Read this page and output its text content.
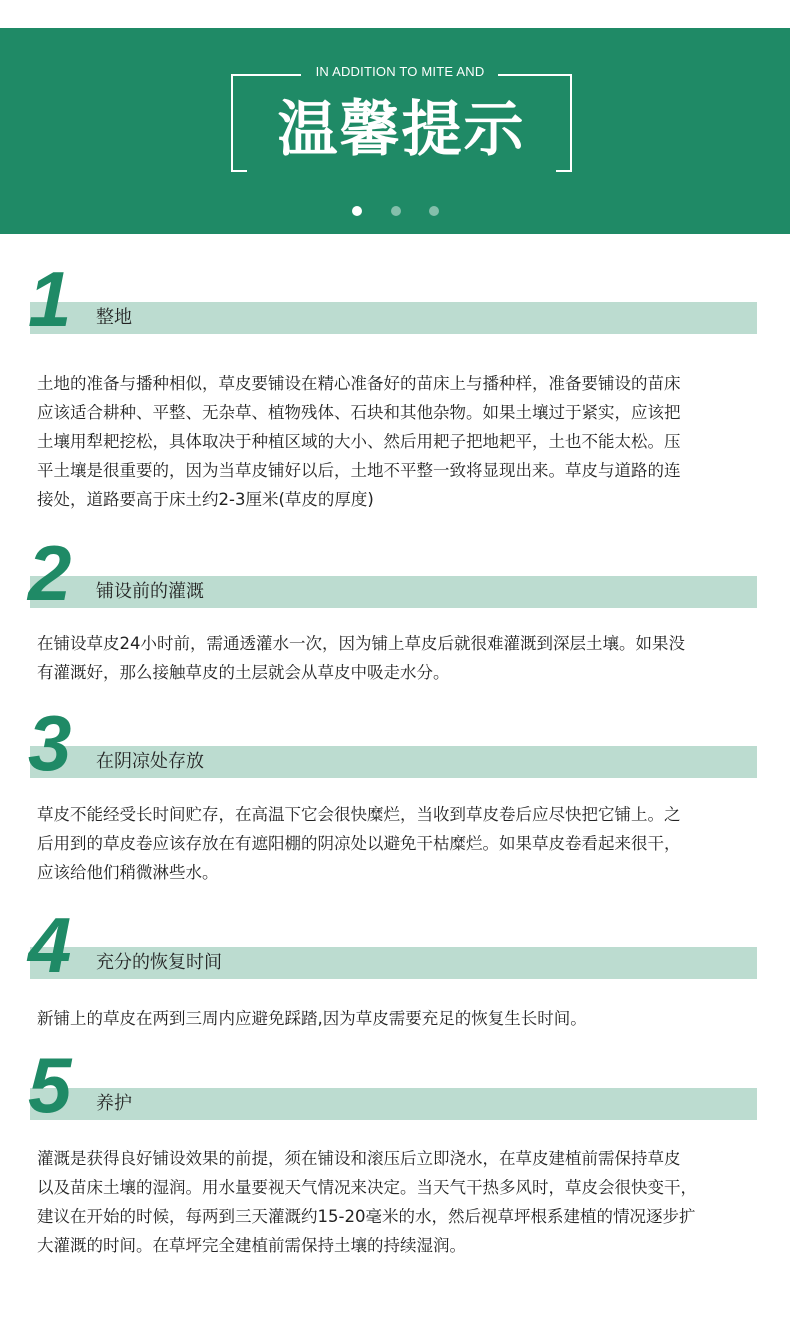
IN ADDITION TO MITE AND
温馨提示
1 整地
土地的准备与播种相似，草皮要铺设在精心准备好的苗床上与播种样，准备要铺设的苗床
应该适合耕种、平整、无杂草、植物残体、石块和其他杂物。如果土壤过于紧实，应该把
土壤用犁耙挖松，具体取决于种植区域的大小、然后用耙子把地耙平，土也不能太松。压
平土壤是很重要的，因为当草皮铺好以后，土地不平整一致将显现出来。草皮与道路的连
接处，道路要高于床土约2-3厘米(草皮的厚度)
2 铺设前的灌溉
在铺设草皮24小时前，需通透灌水一次，因为铺上草皮后就很难灌溉到深层土壤。如果没
有灌溉好，那么接触草皮的土层就会从草皮中吸走水分。
3 在阴凉处存放
草皮不能经受长时间贮存，在高温下它会很快糜烂，当收到草皮卷后应尽快把它铺上。之
后用到的草皮卷应该存放在有遮阳棚的阴凉处以避免干枯糜烂。如果草皮卷看起来很干，
应该给他们稍微淋些水。
4 充分的恢复时间
新铺上的草皮在两到三周内应避免踩踏,因为草皮需要充足的恢复生长时间。
5 养护
灌溉是获得良好铺设效果的前提，须在铺设和滚压后立即浇水，在草皮建植前需保持草皮
以及苗床土壤的湿润。用水量要视天气情况来决定。当天气干热多风时，草皮会很快变干，
建议在开始的时候，每两到三天灌溉约15-20毫米的水，然后视草坪根系建植的情况逐步扩
大灌溉的时间。在草坪完全建植前需保持土壤的持续湿润。
